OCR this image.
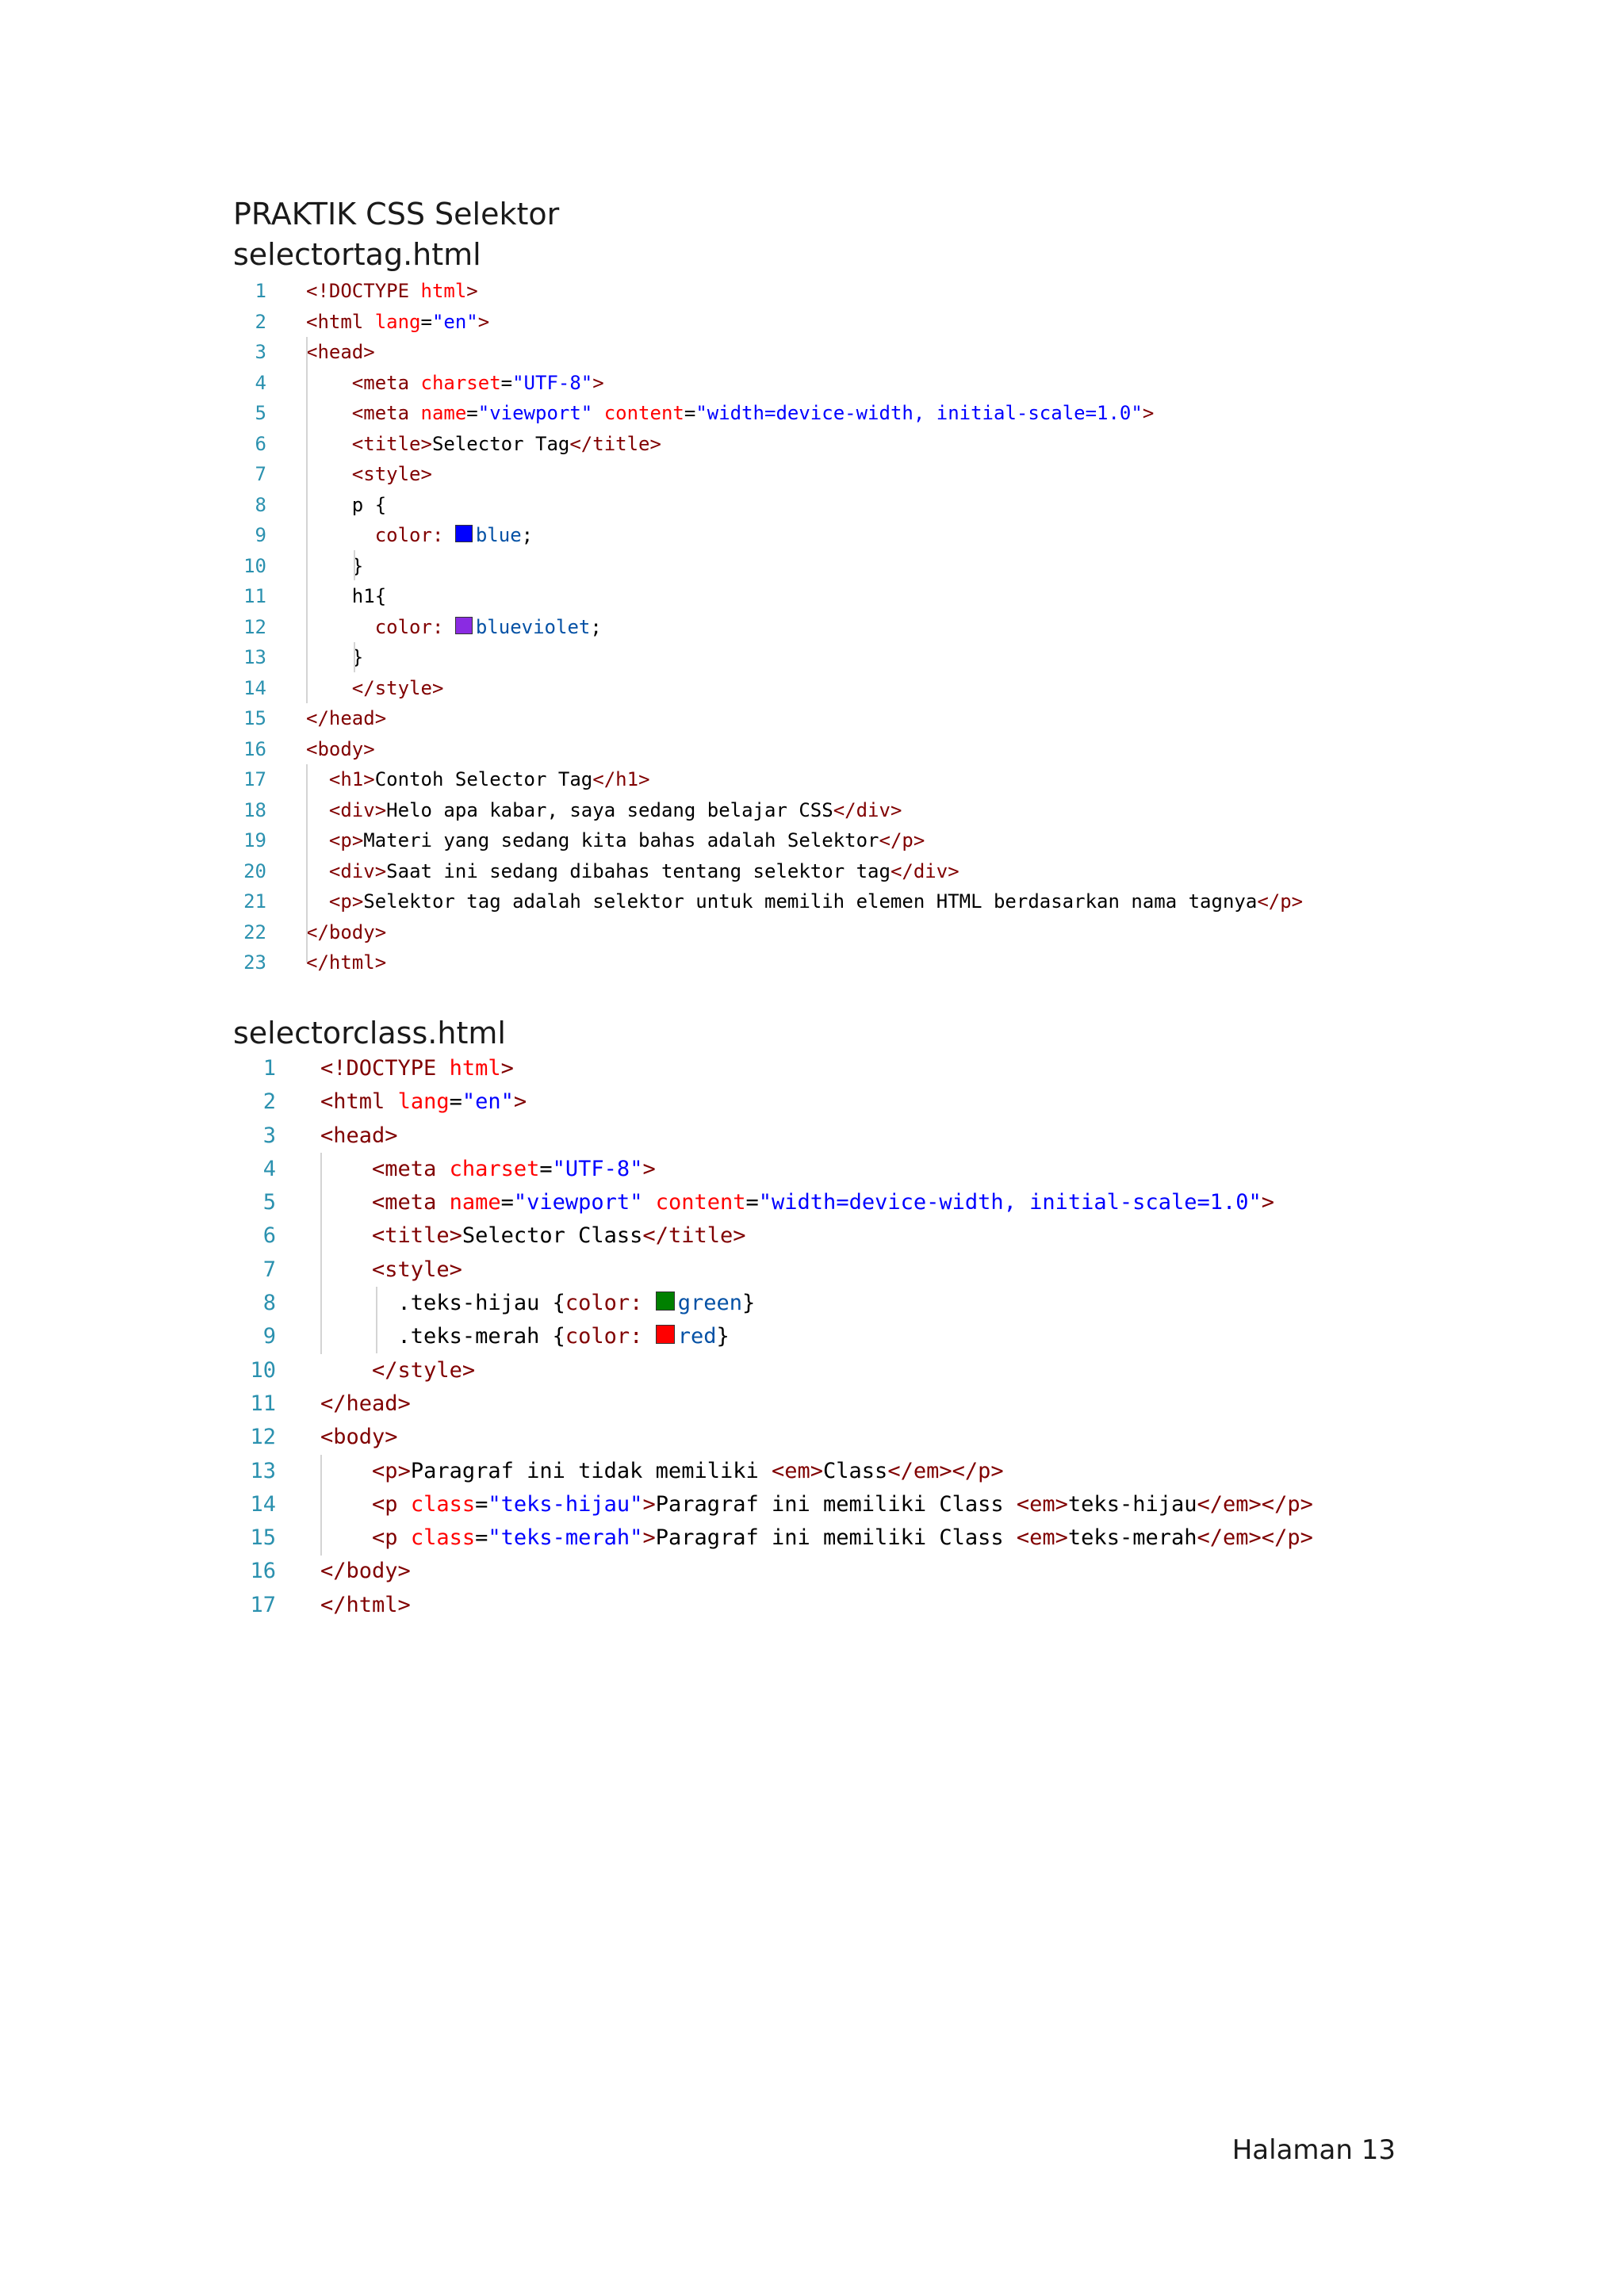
PRAKTIK CSS Selektor
selectortag.html
1 <!DOCTYPE html>
2 <html lang="en">
3 <head>
4	<meta charset="UTF-8">
5	<meta name="viewport" content="width=device-width, initial-scale=1.0">
6	<title>Selector Tag</title>
7	<style>
8 p {
9	color: blue;
10	}
11 h1{
12	color: blueviolet;
13	}
14	</style>
15 </head>
16 <body>
17	<h1>Contoh Selector Tag</h1>
18	<div>Helo apa kabar, saya sedang belajar CSS</div>
19	<p>Materi yang sedang kita bahas adalah Selektor</p>
20	<div>Saat ini sedang dibahas tentang selektor tag</div>
21	<p>Selektor tag adalah selektor untuk memilih elemen HTML berdasarkan nama tagnya</p>
22 </body>
23 </html>
selectorclass.html
1 <!DOCTYPE html>
2 <html lang="en">
3 <head>
4	<meta charset="UTF-8">
5	<meta name="viewport" content="width=device-width, initial-scale=1.0">
6	<title>Selector Class</title>
7	<style>
8	.teks-hijau {color: green}
9	.teks-merah {color: red}
10	</style>
11 </head>
12 <body>
13	<p>Paragraf ini tidak memiliki <em>Class</em></p>
14	<p class="teks-hijau">Paragraf ini memiliki Class <em>teks-hijau</em></p>
15	<p class="teks-merah">Paragraf ini memiliki Class <em>teks-merah</em></p>
16 </body>
17 </html>
Halaman 13
